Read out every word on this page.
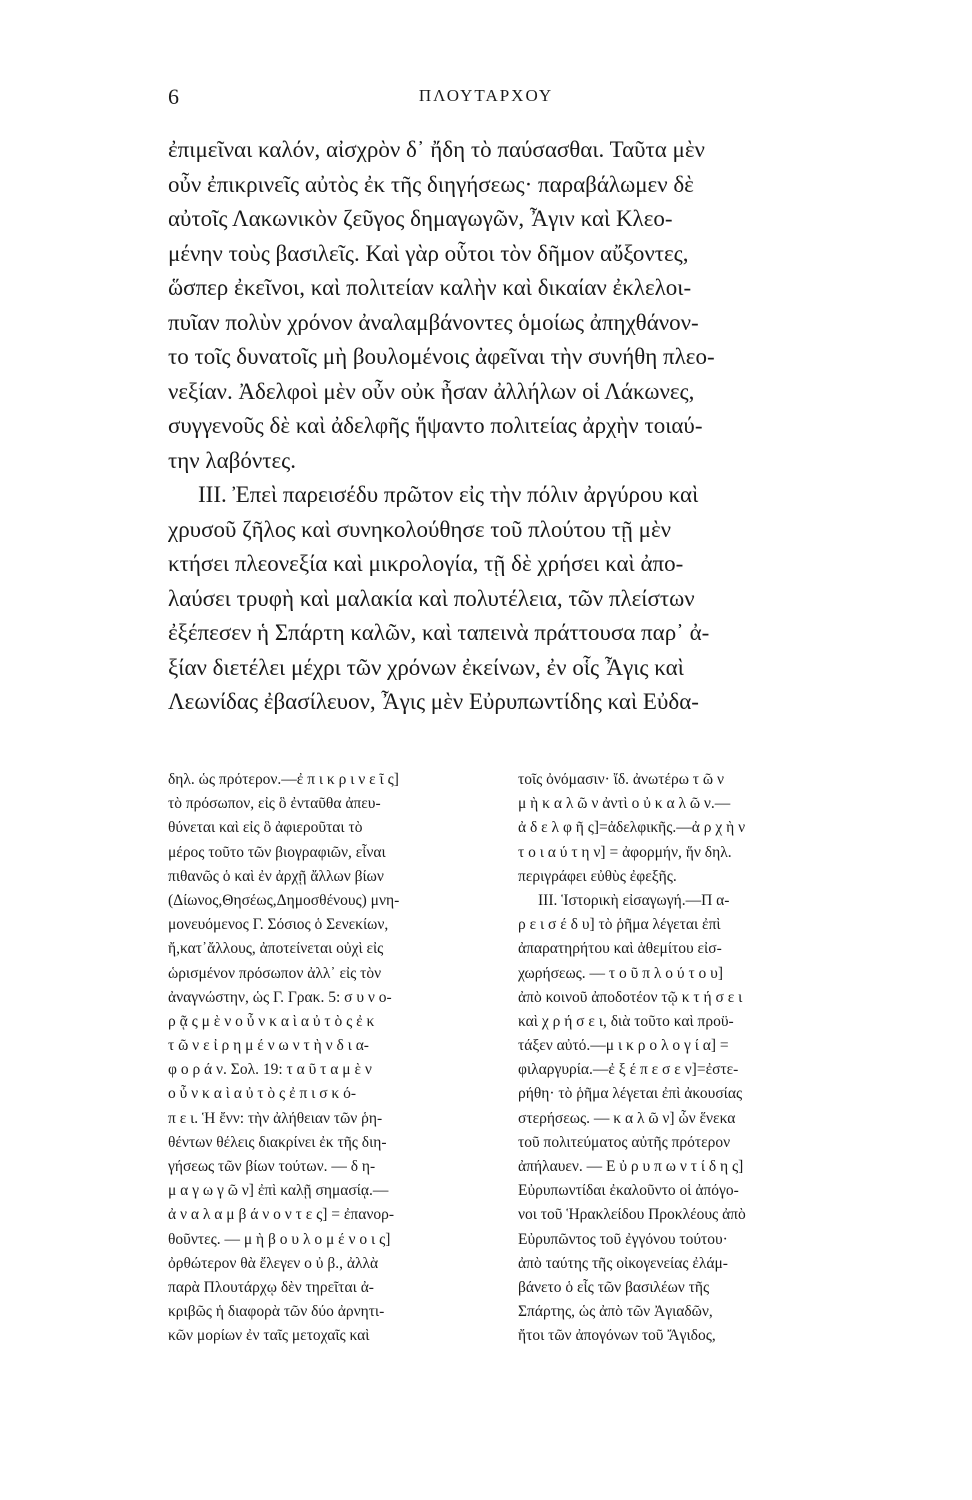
6	ΠΛΟΥΤΑΡΧΟΥ
ἐπιμεῖναι καλόν, αἰσχρὸν δ᾽ ἤδη τὸ παύσασθαι. Ταῦτα μὲν
οὖν ἐπικρινεῖς αὐτὸς ἐκ τῆς διηγήσεως· παραβάλωμεν δὲ
αὐτοῖς Λακωνικὸν ζεῦγος δημαγωγῶν, Ἆγιν καὶ Κλεο-
μένην τοὺς βασιλεῖς. Καὶ γὰρ οὗτοι τὸν δῆμον αὔξοντες,
ὥσπερ ἐκεῖνοι, καὶ πολιτείαν καλὴν καὶ δικαίαν ἐκλελοι-
πυῖαν πολὺν χρόνον ἀναλαμβάνοντες ὁμοίως ἀπηχθάνον-
το τοῖς δυνατοῖς μὴ βουλομένοις ἀφεῖναι τὴν συνήθη πλεο-
νεξίαν. Ἀδελφοὶ μὲν οὖν οὐκ ἦσαν ἀλλήλων οἱ Λάκωνες,
συγγενοῦς δὲ καὶ ἀδελφῆς ἥψαντο πολιτείας ἀρχὴν τοιαύ-
την λαβόντες.
III. Ἐπεὶ παρεισέδυ πρῶτον εἰς τὴν πόλιν ἀργύρου καὶ
χρυσοῦ ζῆλος καὶ συνηκολούθησε τοῦ πλούτου τῇ μὲν
κτήσει πλεονεξία καὶ μικρολογία, τῇ δὲ χρήσει καὶ ἀπο-
λαύσει τρυφὴ καὶ μαλακία καὶ πολυτέλεια, τῶν πλείστων
ἐξέπεσεν ἡ Σπάρτη καλῶν, καὶ ταπεινὰ πράττουσα παρ᾽ ἀ-
ξίαν διετέλει μέχρι τῶν χρόνων ἐκείνων, ἐν οἷς Ἆγις καὶ
Λεωνίδας ἐβασίλευον, Ἆγις μὲν Εὐρυπωντίδης καὶ Εὐδα-
δηλ. ὡς πρότερον.—ἐ π ι κ ρ ι ν ε ῖ ς]
τὸ πρόσωπον, εἰς ὃ ἐνταῦθα ἀπευ-
θύνεται καὶ εἰς ὃ ἀφιεροῦται τὸ
μέρος τοῦτο τῶν βιογραφιῶν, εἶναι
πιθανῶς ὁ καὶ ἐν ἀρχῇ ἄλλων βίων
(Δίωνος,Θησέως,Δημοσθένους) μνη-
μονευόμενος Γ. Σόσιος ὁ Σενεκίων,
ἤ,κατ᾽ἄλλους, ἀποτείνεται οὐχὶ εἰς
ὡρισμένον πρόσωπον ἀλλ᾽ εἰς τὸν
ἀναγνώστην, ὡς Γ. Γρακ. 5: σ υ ν ο-
ρ ᾷ ς μ ὲ ν ο ὖ ν κ α ὶ α ὐ τ ὸ ς ἐ κ
τ ῶ ν ε ἰ ρ η μ έ ν ω ν τ ὴ ν δ ι α-
φ ο ρ ά ν. Σολ. 19: τ α ῦ τ α μ ὲ ν
ο ὖ ν κ α ὶ α ὐ τ ὸ ς ἐ π ι σ κ ό-
π ε ι. Ἡ ἔνν: τὴν ἀλήθειαν τῶν ῥη-
θέντων θέλεις διακρίνει ἐκ τῆς διη-
γήσεως τῶν βίων τούτων. — δ η-
μ α γ ω γ ῶ ν] ἐπὶ καλῇ σημασίᾳ.—
ἀ ν α λ α μ β ά ν ο ν τ ε ς] = ἐπανορ-
θοῦντες. — μ ὴ β ο υ λ ο μ έ ν ο ι ς]
ὀρθώτερον θὰ ἔλεγεν ο ὐ β., ἀλλὰ
παρὰ Πλουτάρχῳ δὲν τηρεῖται ἀ-
κριβῶς ἡ διαφορὰ τῶν δύο ἀρνητι-
κῶν μορίων ἐν ταῖς μετοχαῖς καὶ
τοῖς ὀνόμασιν· ἴδ. ἀνωτέρω τ ῶ ν
μ ὴ κ α λ ῶ ν ἀντὶ ο ὐ κ α λ ῶ ν.—
ἀ δ ε λ φ ῆ ς]=ἀδελφικῆς.—ἀ ρ χ ὴ ν
τ ο ι α ύ τ η ν] = ἀφορμήν, ἥν δηλ.
περιγράφει εὐθὺς ἐφεξῆς.
III. Ἱστορικὴ εἰσαγωγή.—Π α-
ρ ε ι σ έ δ υ] τὸ ῥῆμα λέγεται ἐπὶ
ἀπαρατηρήτου καὶ ἀθεμίτου εἰσ-
χωρήσεως. — τ ο ῦ π λ ο ύ τ ο υ]
ἀπὸ κοινοῦ ἀποδοτέον τῷ κ τ ή σ ε ι
καὶ χ ρ ή σ ε ι, διὰ τοῦτο καὶ προϋ-
τάξεν αὐτό.—μ ι κ ρ ο λ ο γ ί α] =
φιλαργυρία.—ἐ ξ έ π ε σ ε ν]=ἐστε-
ρήθη· τὸ ῥῆμα λέγεται ἐπὶ ἀκουσίας
στερήσεως. — κ α λ ῶ ν] ὧν ἕνεκα
τοῦ πολιτεύματος αὐτῆς πρότερον
ἀπήλαυεν. — Ε ὐ ρ υ π ω ν τ ί δ η ς]
Εὐρυπωντίδαι ἐκαλοῦντο οἱ ἀπόγο-
νοι τοῦ Ἡρακλείδου Προκλέους ἀπὸ
Εὐρυπῶντος τοῦ ἐγγόνου τούτου·
ἀπὸ ταύτης τῆς οἰκογενείας ἐλάμ-
βάνετο ὁ εἷς τῶν βασιλέων τῆς
Σπάρτης, ὡς ἀπὸ τῶν Ἀγιαδῶν,
ἤτοι τῶν ἀπογόνων τοῦ Ἄγιδος,
